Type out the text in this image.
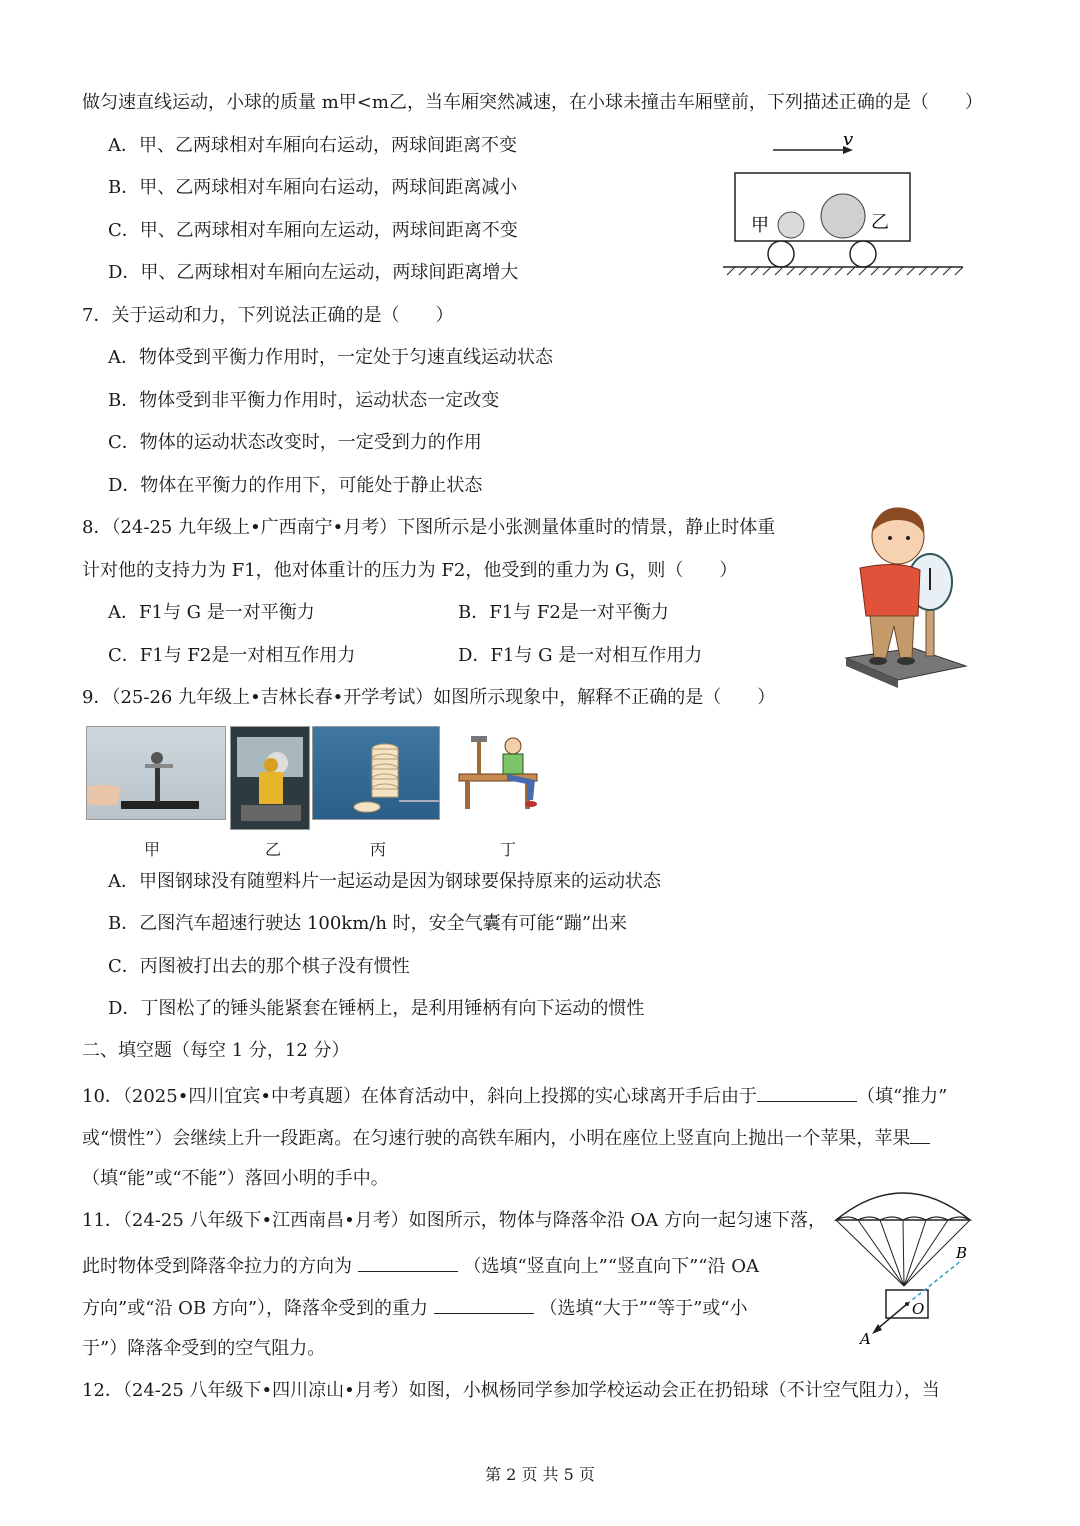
做匀速直线运动，小球的质量 m甲<m乙，当车厢突然减速，在小球未撞击车厢壁前，下列描述正确的是（　　）
A．甲、乙两球相对车厢向右运动，两球间距离不变
B．甲、乙两球相对车厢向右运动，两球间距离减小
C．甲、乙两球相对车厢向左运动，两球间距离不变
D．甲、乙两球相对车厢向左运动，两球间距离增大
v
甲	乙
7．关于运动和力，下列说法正确的是（　　）
A．物体受到平衡力作用时，一定处于匀速直线运动状态
B．物体受到非平衡力作用时，运动状态一定改变
C．物体的运动状态改变时，一定受到力的作用
D．物体在平衡力的作用下，可能处于静止状态
8．（24-25 九年级上•广西南宁•月考）下图所示是小张测量体重时的情景，静止时体重
计对他的支持力为 F1，他对体重计的压力为 F2，他受到的重力为 G，则（　　）
A．F1与 G 是一对平衡力	B．F1与 F2是一对平衡力
C．F1与 F2是一对相互作用力	D．F1与 G 是一对相互作用力
9．（25-26 九年级上•吉林长春•开学考试）如图所示现象中，解释不正确的是（　　）
甲	乙	丙	丁
A．甲图钢球没有随塑料片一起运动是因为钢球要保持原来的运动状态
B．乙图汽车超速行驶达 100km/h 时，安全气囊有可能“蹦”出来
C．丙图被打出去的那个棋子没有惯性
D．丁图松了的锤头能紧套在锤柄上，是利用锤柄有向下运动的惯性
二、填空题（每空 1 分，12 分）
10．（2025•四川宜宾•中考真题）在体育活动中，斜向上投掷的实心球离开手后由于	（填“推力”
或“惯性”）会继续上升一段距离。在匀速行驶的高铁车厢内，小明在座位上竖直向上抛出一个苹果，苹果
（填“能”或“不能”）落回小明的手中。
11．（24-25 八年级下•江西南昌•月考）如图所示，物体与降落伞沿 OA 方向一起匀速下落，
此时物体受到降落伞拉力的方向为	（选填“竖直向上”“竖直向下”“沿 OA
方向”或“沿 OB 方向”），降落伞受到的重力	（选填“大于”“等于”或“小
于”）降落伞受到的空气阻力。
B
O
A
12．（24-25 八年级下•四川凉山•月考）如图，小枫杨同学参加学校运动会正在扔铅球（不计空气阻力），当
第 2 页 共 5 页
